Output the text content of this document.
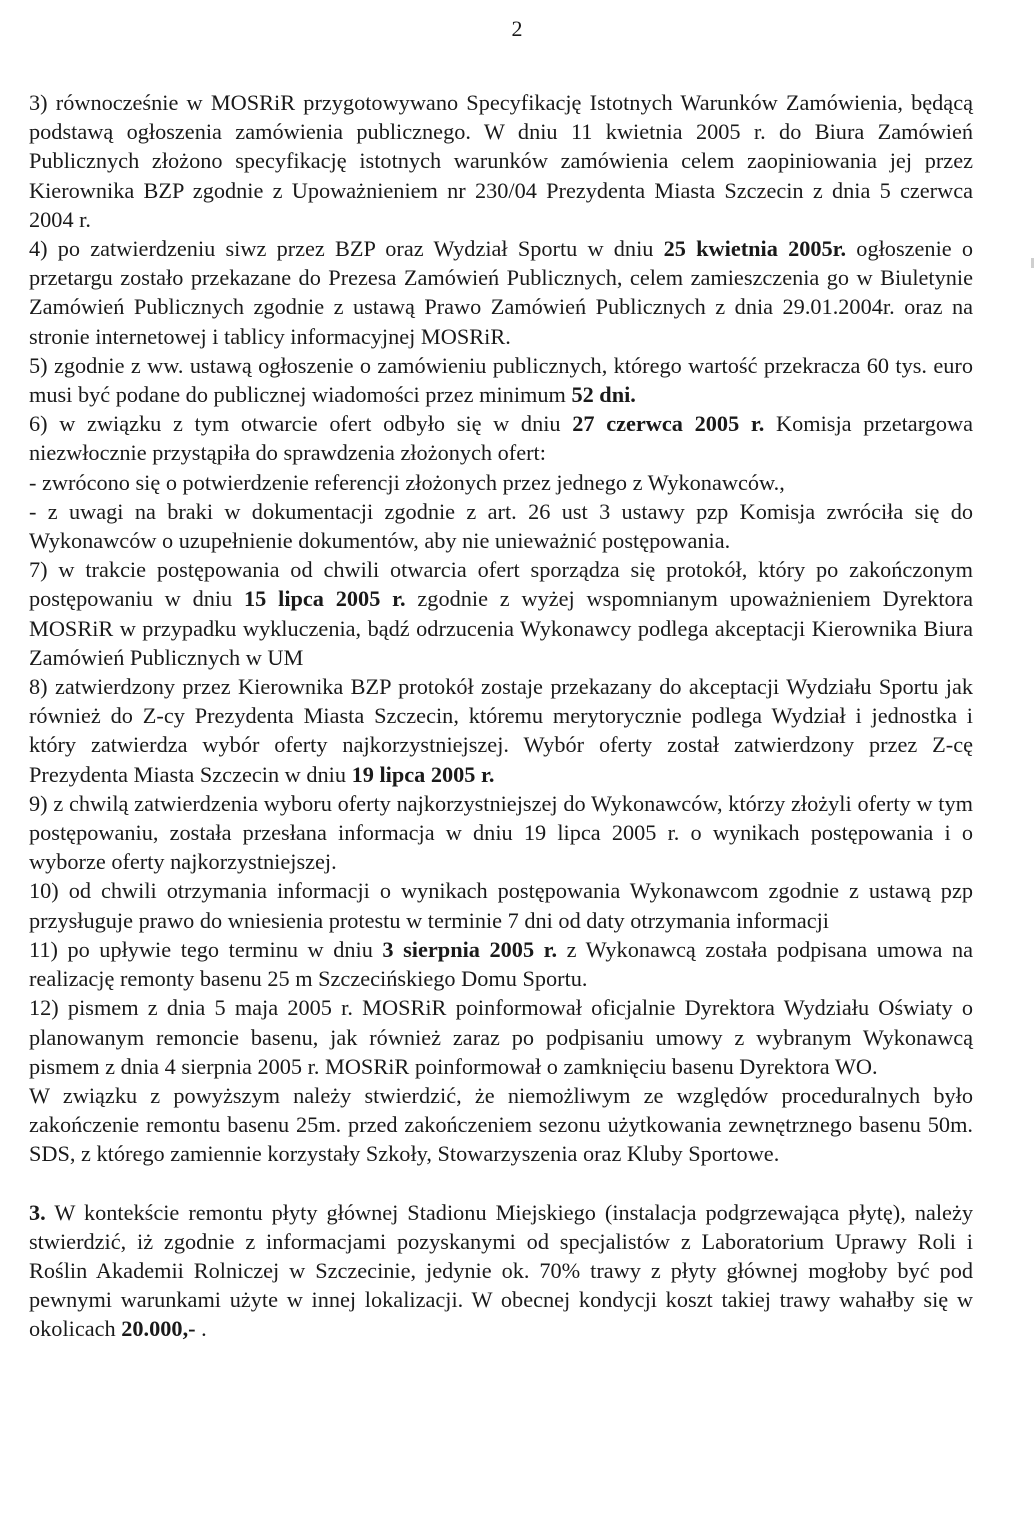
2

3) równocześnie w MOSRiR przygotowywano Specyfikację Istotnych Warunków Zamówienia, będącą podstawą ogłoszenia zamówienia publicznego. W dniu 11 kwietnia 2005 r. do Biura Zamówień Publicznych złożono specyfikację istotnych warunków zamówienia celem zaopiniowania jej przez Kierownika BZP zgodnie z Upoważnieniem nr 230/04 Prezydenta Miasta Szczecin z dnia 5 czerwca 2004 r.

4) po zatwierdzeniu siwz przez BZP oraz Wydział Sportu w dniu 25 kwietnia 2005r. ogłoszenie o przetargu zostało przekazane do Prezesa Zamówień Publicznych, celem zamieszczenia go w Biuletynie Zamówień Publicznych zgodnie z ustawą Prawo Zamówień Publicznych z dnia 29.01.2004r. oraz na stronie internetowej i tablicy informacyjnej MOSRiR.

5) zgodnie z ww. ustawą ogłoszenie o zamówieniu publicznych, którego wartość przekracza 60 tys. euro musi być podane do publicznej wiadomości przez minimum 52 dni.

6) w związku z tym otwarcie ofert odbyło się w dniu 27 czerwca 2005 r. Komisja przetargowa niezwłocznie przystąpiła do sprawdzenia złożonych ofert:

- zwrócono się o potwierdzenie referencji złożonych przez jednego z Wykonawców.,

- z uwagi na braki w dokumentacji zgodnie z art. 26 ust 3 ustawy pzp Komisja zwróciła się do Wykonawców o uzupełnienie dokumentów, aby nie unieważnić postępowania.

7) w trakcie postępowania od chwili otwarcia ofert sporządza się protokół, który po zakończonym postępowaniu w dniu 15 lipca 2005 r. zgodnie z wyżej wspomnianym upoważnieniem Dyrektora MOSRiR w przypadku wykluczenia, bądź odrzucenia Wykonawcy podlega akceptacji Kierownika Biura Zamówień Publicznych w UM

8) zatwierdzony przez Kierownika BZP protokół zostaje przekazany do akceptacji Wydziału Sportu jak również do Z-cy Prezydenta Miasta Szczecin, któremu merytorycznie podlega Wydział i jednostka i który zatwierdza wybór oferty najkorzystniejszej. Wybór oferty został zatwierdzony przez Z-cę Prezydenta Miasta Szczecin w dniu 19 lipca 2005 r.

9) z chwilą zatwierdzenia wyboru oferty najkorzystniejszej do Wykonawców, którzy złożyli oferty w tym postępowaniu, została przesłana informacja w dniu 19 lipca 2005 r. o wynikach postępowania i o wyborze oferty najkorzystniejszej.

10) od chwili otrzymania informacji o wynikach postępowania Wykonawcom zgodnie z ustawą pzp przysługuje prawo do wniesienia protestu w terminie 7 dni od daty otrzymania informacji

11) po upływie tego terminu w dniu 3 sierpnia 2005 r. z Wykonawcą została podpisana umowa na realizację remonty basenu 25 m Szczecińskiego Domu Sportu.

12) pismem z dnia 5 maja 2005 r. MOSRiR poinformował oficjalnie Dyrektora Wydziału Oświaty o planowanym remoncie basenu, jak również zaraz po podpisaniu umowy z wybranym Wykonawcą pismem z dnia 4 sierpnia 2005 r. MOSRiR poinformował o zamknięciu basenu Dyrektora WO.

W związku z powyższym należy stwierdzić, że niemożliwym ze względów proceduralnych było zakończenie remontu basenu 25m. przed zakończeniem sezonu użytkowania zewnętrznego basenu 50m. SDS, z którego zamiennie korzystały Szkoły, Stowarzyszenia oraz Kluby Sportowe.

3. W kontekście remontu płyty głównej Stadionu Miejskiego (instalacja podgrzewająca płytę), należy stwierdzić, iż zgodnie z informacjami pozyskanymi od specjalistów z Laboratorium Uprawy Roli i Roślin Akademii Rolniczej w Szczecinie, jedynie ok. 70% trawy z płyty głównej mogłoby być pod pewnymi warunkami użyte w innej lokalizacji. W obecnej kondycji koszt takiej trawy wahałby się w okolicach 20.000,- .
